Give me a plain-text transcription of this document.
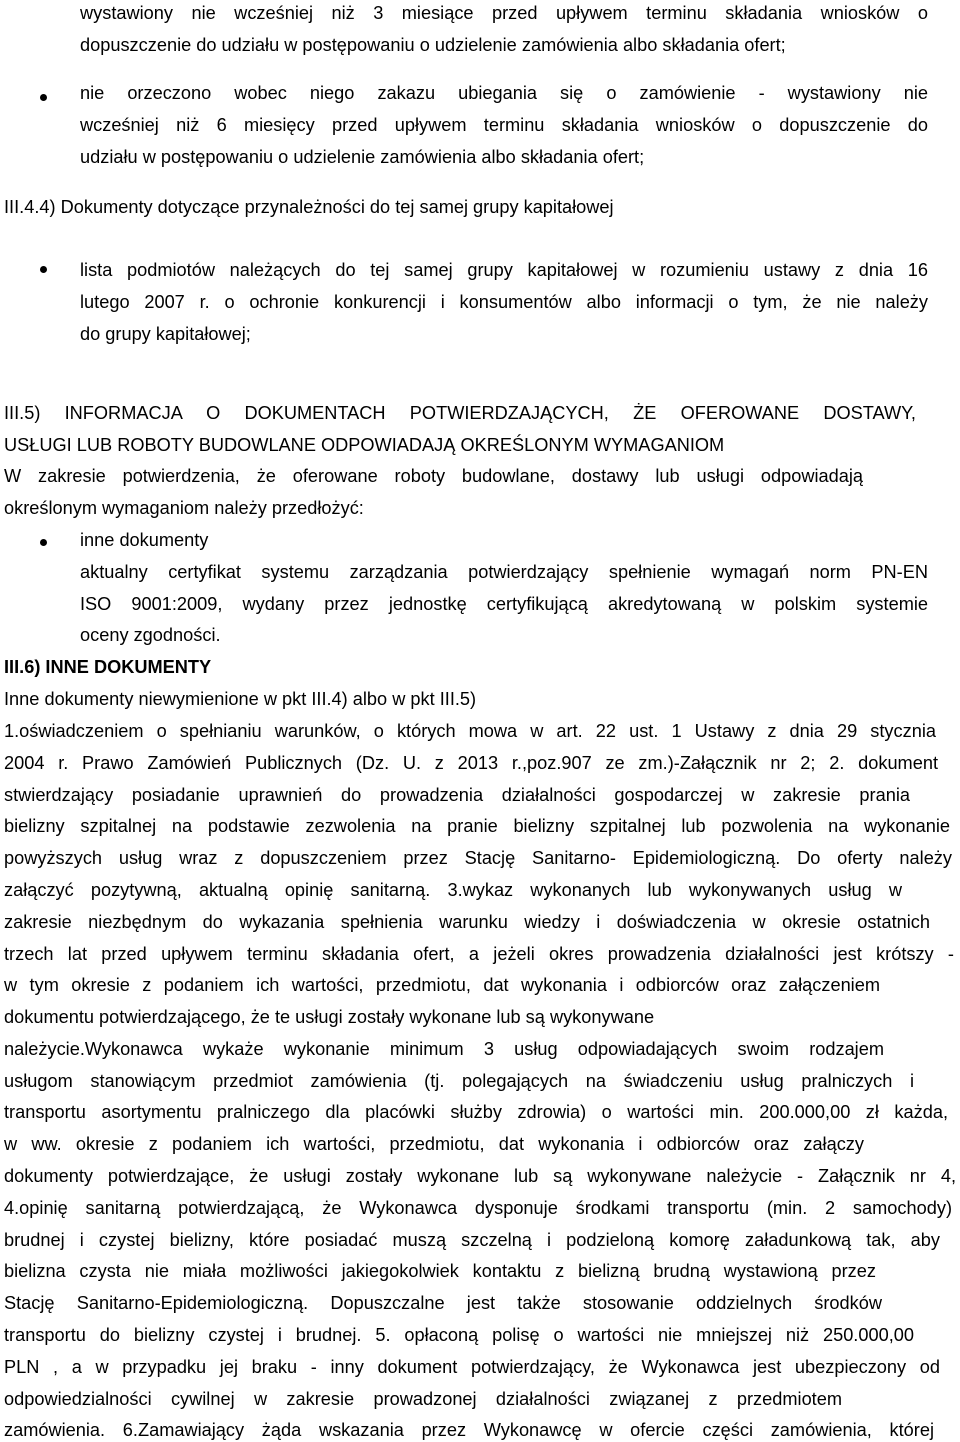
wystawiony nie wcześniej niż 3 miesiące przed upływem terminu składania wniosków o
dopuszczenie do udziału w postępowaniu o udzielenie zamówienia albo składania ofert;
nie orzeczono wobec niego zakazu ubiegania się o zamówienie - wystawiony nie
wcześniej niż 6 miesięcy przed upływem terminu składania wniosków o dopuszczenie do
udziału w postępowaniu o udzielenie zamówienia albo składania ofert;
III.4.4) Dokumenty dotyczące przynależności do tej samej grupy kapitałowej
lista podmiotów należących do tej samej grupy kapitałowej w rozumieniu ustawy z dnia 16
lutego 2007 r. o ochronie konkurencji i konsumentów albo informacji o tym, że nie należy
do grupy kapitałowej;
III.5) INFORMACJA O DOKUMENTACH POTWIERDZAJĄCYCH, ŻE OFEROWANE DOSTAWY,
USŁUGI LUB ROBOTY BUDOWLANE ODPOWIADAJĄ OKREŚLONYM WYMAGANIOM
W zakresie potwierdzenia, że oferowane roboty budowlane, dostawy lub usługi odpowiadają
określonym wymaganiom należy przedłożyć:
inne dokumenty
aktualny certyfikat systemu zarządzania potwierdzający spełnienie wymagań norm PN-EN
ISO 9001:2009, wydany przez jednostkę certyfikującą akredytowaną w polskim systemie
oceny zgodności.
III.6) INNE DOKUMENTY
Inne dokumenty niewymienione w pkt III.4) albo w pkt III.5)
1.oświadczeniem o spełnianiu warunków, o których mowa w art. 22 ust. 1 Ustawy z dnia 29 stycznia
2004 r. Prawo Zamówień Publicznych (Dz. U. z 2013 r.,poz.907 ze zm.)-Załącznik nr 2; 2. dokument
stwierdzający posiadanie uprawnień do prowadzenia działalności gospodarczej w zakresie prania
bielizny szpitalnej na podstawie zezwolenia na pranie bielizny szpitalnej lub pozwolenia na wykonanie
powyższych usług wraz z dopuszczeniem przez Stację Sanitarno- Epidemiologiczną. Do oferty należy
załączyć pozytywną, aktualną opinię sanitarną. 3.wykaz wykonanych lub wykonywanych usług w
zakresie niezbędnym do wykazania spełnienia warunku wiedzy i doświadczenia w okresie ostatnich
trzech lat przed upływem terminu składania ofert, a jeżeli okres prowadzenia działalności jest krótszy -
w tym okresie z podaniem ich wartości, przedmiotu, dat wykonania i odbiorców oraz załączeniem
dokumentu potwierdzającego, że te usługi zostały wykonane lub są wykonywane
należycie.Wykonawca wykaże wykonanie minimum 3 usług odpowiadających swoim rodzajem
usługom stanowiącym przedmiot zamówienia (tj. polegających na świadczeniu usług pralniczych i
transportu asortymentu pralniczego dla placówki służby zdrowia) o wartości min. 200.000,00 zł każda,
w ww. okresie z podaniem ich wartości, przedmiotu, dat wykonania i odbiorców oraz załączy
dokumenty potwierdzające, że usługi zostały wykonane lub są wykonywane należycie - Załącznik nr 4,
4.opinię sanitarną potwierdzającą, że Wykonawca dysponuje środkami transportu (min. 2 samochody)
brudnej i czystej bielizny, które posiadać muszą szczelną i podzieloną komorę załadunkową tak, aby
bielizna czysta nie miała możliwości jakiegokolwiek kontaktu z bielizną brudną wystawioną przez
Stację Sanitarno-Epidemiologiczną. Dopuszczalne jest także stosowanie oddzielnych środków
transportu do bielizny czystej i brudnej. 5. opłaconą polisę o wartości nie mniejszej niż 250.000,00
PLN , a w przypadku jej braku - inny dokument potwierdzający, że Wykonawca jest ubezpieczony od
odpowiedzialności cywilnej w zakresie prowadzonej działalności związanej z przedmiotem
zamówienia. 6.Zamawiający żąda wskazania przez Wykonawcę w ofercie części zamówienia, której
